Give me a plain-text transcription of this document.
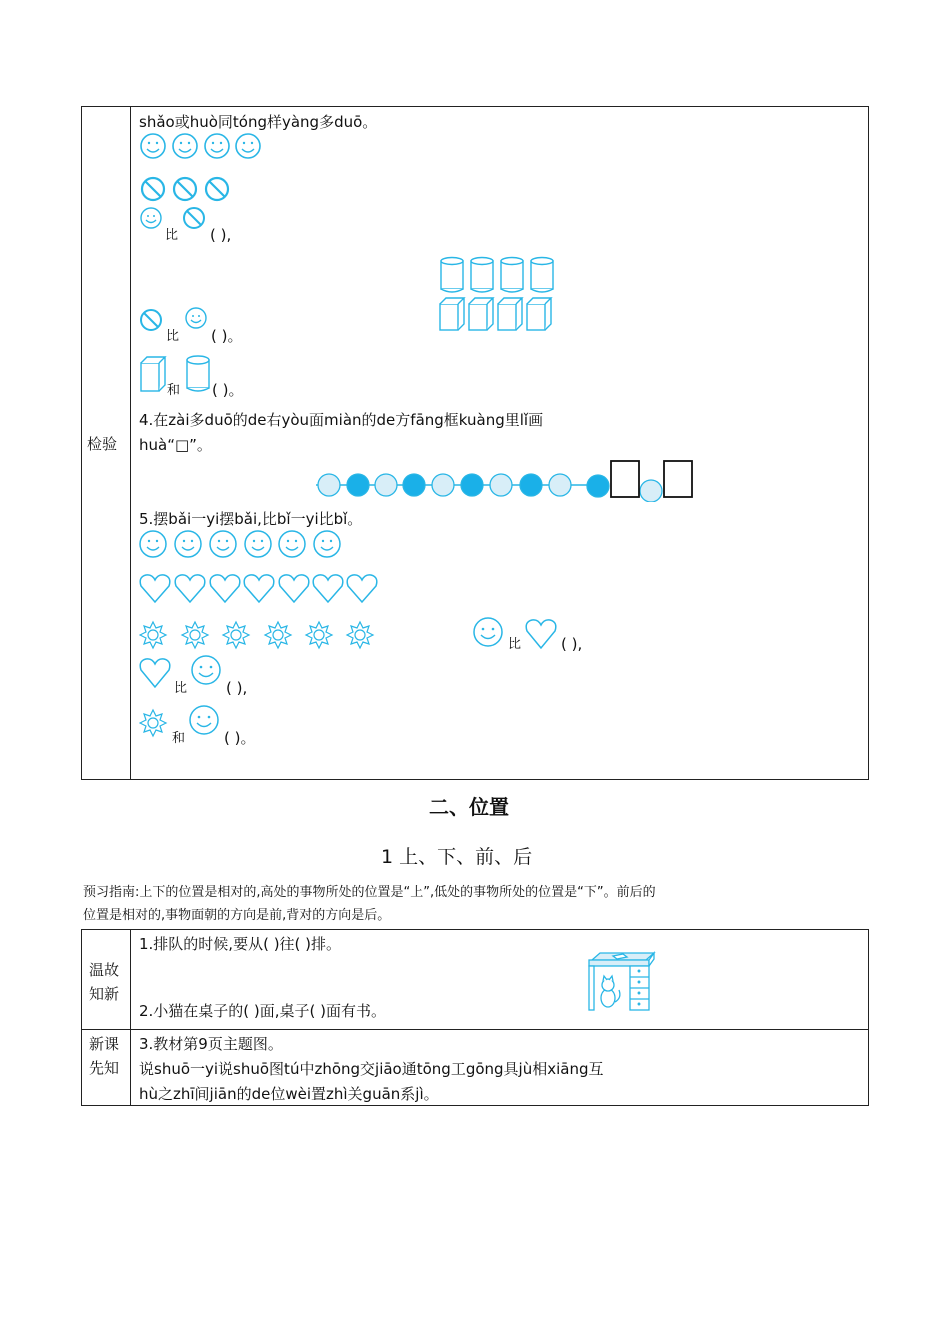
检验
shǎo或huò同tóng样yàng多duō。
比 ( ),
比 ( )。
和 ( )。
4.在zài多duō的de右yòu面miàn的de方fāng框kuàng里lǐ画
huà“□”。
5.摆bǎi一yi摆bǎi,比bǐ一yi比bǐ。
比	( ),
比	( ),
和	( )。
二、位置
1 上、下、前、后
预习指南:上下的位置是相对的,高处的事物所处的位置是“上”,低处的事物所处的位置是“下”。前后的
位置是相对的,事物面朝的方向是前,背对的方向是后。
温故
知新
1.排队的时候,要从( )往( )排。
2.小猫在桌子的( )面,桌子( )面有书。
新课
先知
3.教材第9页主题图。
说shuō一yi说shuō图tú中zhōng交jiāo通tōng工gōng具jù相xiāng互
hù之zhī间jiān的de位wèi置zhì关guān系jì。
